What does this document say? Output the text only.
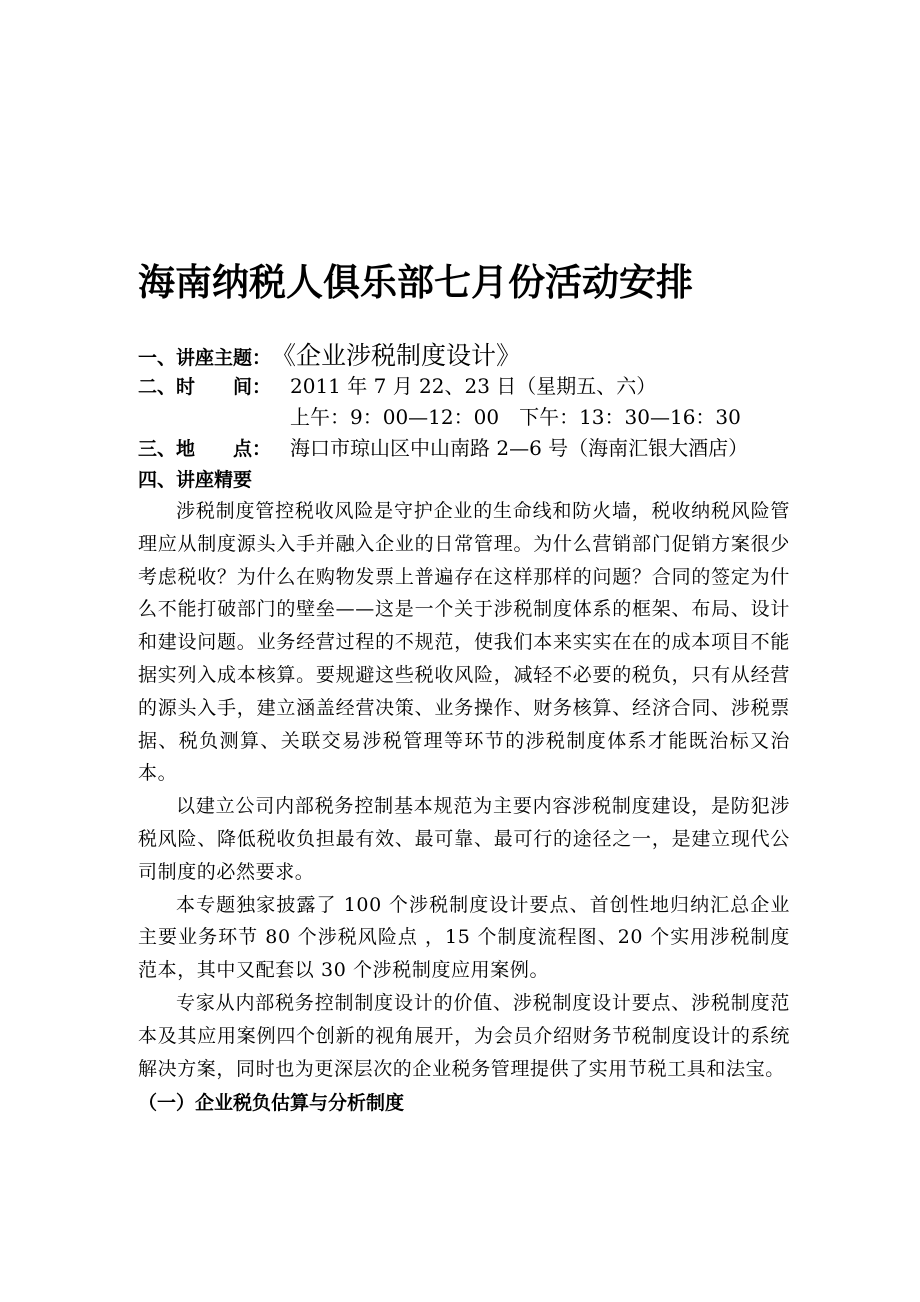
海南纳税人俱乐部七月份活动安排
一、讲座主题：《企业涉税制度设计》
二、时　　间： 2011 年 7 月 22、23 日（星期五、六）
上午：9：00—12：00　下午：13：30—16：30
三、地　　点： 海口市琼山区中山南路 2—6 号（海南汇银大酒店）
四、讲座精要

涉税制度管控税收风险是守护企业的生命线和防火墙，税收纳税风险管理应从制度源头入手并融入企业的日常管理。为什么营销部门促销方案很少考虑税收？为什么在购物发票上普遍存在这样那样的问题？合同的签定为什么不能打破部门的壁垒——这是一个关于涉税制度体系的框架、布局、设计和建设问题。业务经营过程的不规范，使我们本来实实在在的成本项目不能据实列入成本核算。要规避这些税收风险，减轻不必要的税负，只有从经营的源头入手，建立涵盖经营决策、业务操作、财务核算、经济合同、涉税票据、税负测算、关联交易涉税管理等环节的涉税制度体系才能既治标又治本。

以建立公司内部税务控制基本规范为主要内容涉税制度建设，是防犯涉税风险、降低税收负担最有效、最可靠、最可行的途径之一，是建立现代公司制度的必然要求。

本专题独家披露了 100 个涉税制度设计要点、首创性地归纳汇总企业主要业务环节 80 个涉税风险点 ，15 个制度流程图、20 个实用涉税制度范本，其中又配套以 30 个涉税制度应用案例。

专家从内部税务控制制度设计的价值、涉税制度设计要点、涉税制度范本及其应用案例四个创新的视角展开，为会员介绍财务节税制度设计的系统解决方案，同时也为更深层次的企业税务管理提供了实用节税工具和法宝。

（一）企业税负估算与分析制度
